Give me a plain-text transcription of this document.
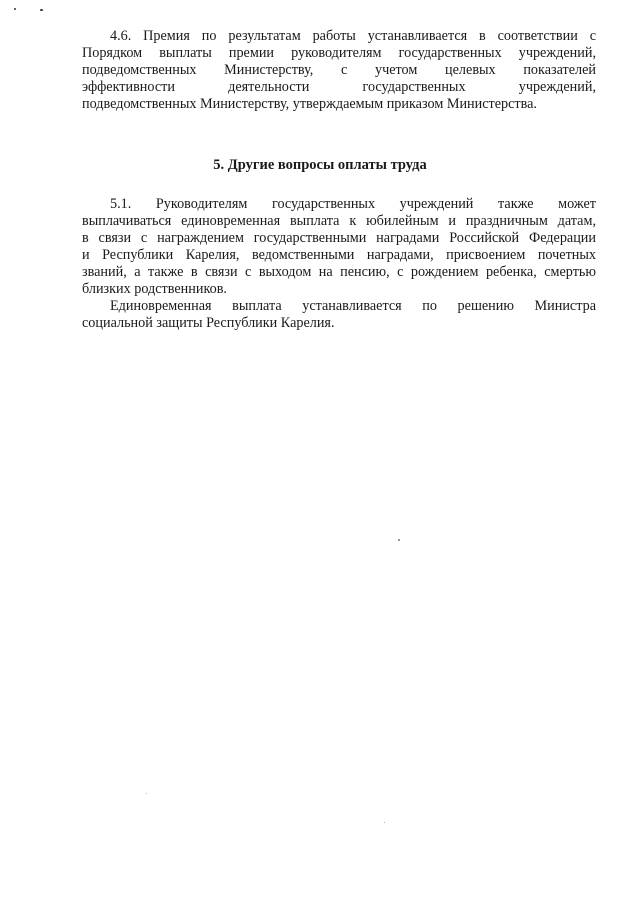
4.6. Премия по результатам работы устанавливается в соответствии с
Порядком выплаты премии руководителям государственных учреждений,
подведомственных Министерству, с учетом целевых показателей
эффективности деятельности государственных учреждений,
подведомственных Министерству, утверждаемым приказом Министерства.
5. Другие вопросы оплаты труда
5.1. Руководителям государственных учреждений также может
выплачиваться единовременная выплата к юбилейным и праздничным датам,
в связи с награждением государственными наградами Российской Федерации
и Республики Карелия, ведомственными наградами, присвоением почетных
званий, а также в связи с выходом на пенсию, с рождением ребенка, смертью
близких родственников.
Единовременная выплата устанавливается по решению Министра
социальной защиты Республики Карелия.
